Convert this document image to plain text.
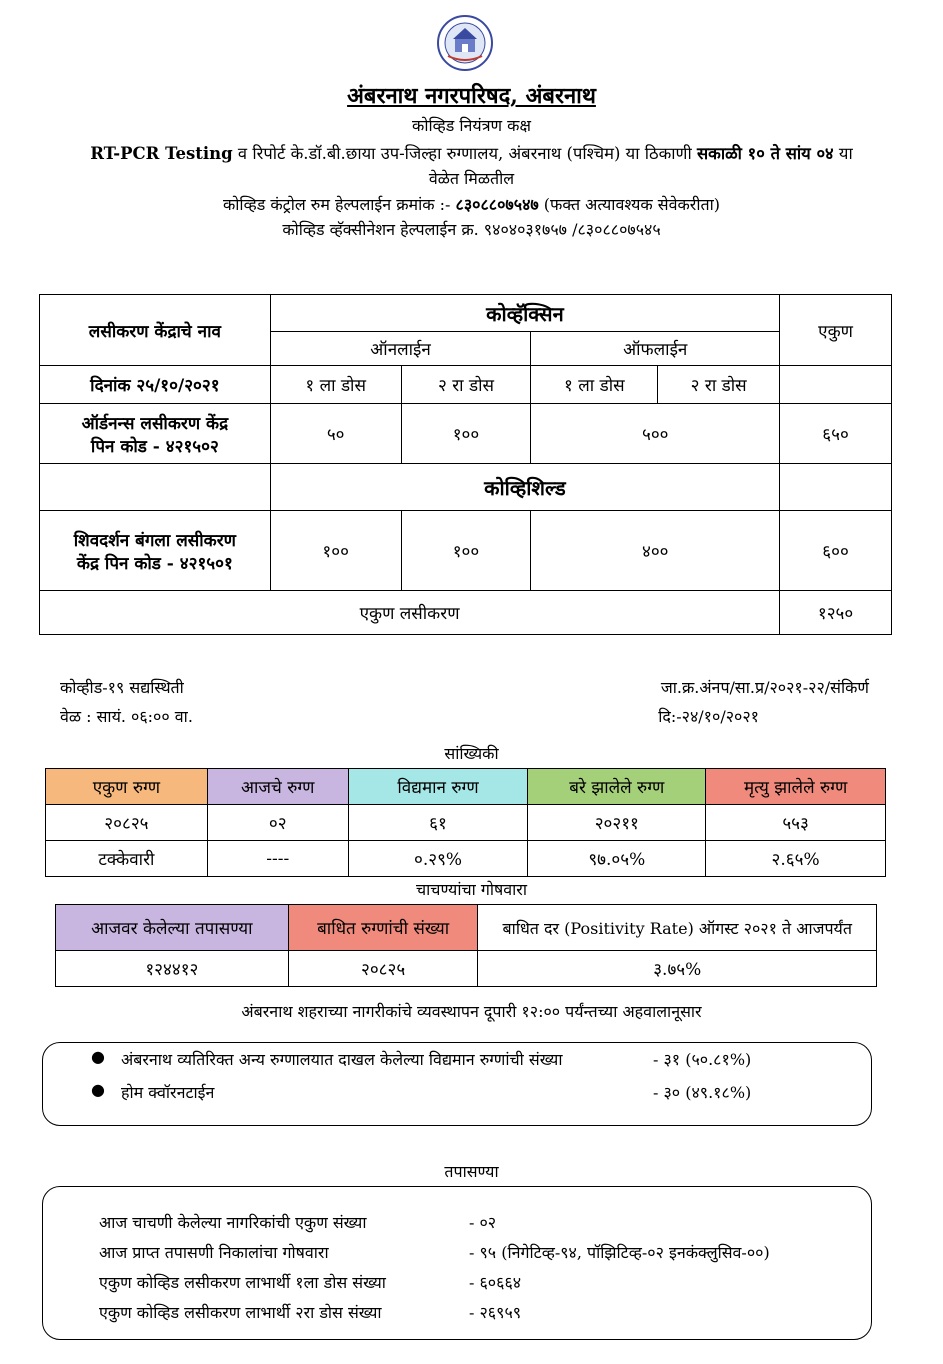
अंबरनाथ नगरपरिषद, अंबरनाथ
कोव्हिड नियंत्रण कक्ष
RT-PCR Testing व रिपोर्ट के.डॉ.बी.छाया उप-जिल्हा रुग्णालय, अंबरनाथ (पश्चिम) या ठिकाणी सकाळी १० ते सांय ०४ या
वेळेत मिळतील
कोव्हिड कंट्रोल रुम हेल्पलाईन क्रमांक :- ८३०८८०७५४७ (फक्त अत्यावश्यक सेवेकरीता)
कोव्हिड व्हॅक्सीनेशन हेल्पलाईन क्र. ९४०४०३१७५७ /८३०८८०७५४५
लसीकरण केंद्राचे नाव	कोव्हॅक्सिन				एकुण
	ऑनलाईन		ऑफलाईन		
दिनांक २५/१०/२०२१	१ ला डोस	२ रा डोस	१ ला डोस	२ रा डोस	

ऑर्डनन्स लसीकरण केंद्र
पिन कोड - ४२१५०२	५०	१००	५००		६५०
	कोव्हिशिल्ड				

शिवदर्शन बंगला लसीकरण
केंद्र पिन कोड - ४२१५०१	१००	१००	४००		६००
एकुण लसीकरण					१२५०
कोव्हीड-१९ सद्यस्थिती
वेळ : सायं. ०६:०० वा.
जा.क्र.अंनप/सा.प्र/२०२१-२२/संकिर्ण
दि:-२४/१०/२०२१
सांख्यिकी
एकुण रुग्ण	आजचे रुग्ण	विद्यमान रुग्ण	बरे झालेले रुग्ण	मृत्यु झालेले रुग्ण
२०८२५	०२	६१	२०२११	५५३
टक्केवारी	----	०.२९%	९७.०५%	२.६५%
चाचण्यांचा गोषवारा
आजवर केलेल्या तपासण्या	बाधित रुग्णांची संख्या	बाधित दर (Positivity Rate) ऑगस्ट २०२१ ते आजपर्यंत
१२४४१२	२०८२५	३.७५%
अंबरनाथ शहराच्या नागरीकांचे व्यवस्थापन दूपारी १२:०० पर्यंन्तच्या अहवालानूसार
● अंबरनाथ व्यतिरिक्त अन्य रुग्णालयात दाखल केलेल्या विद्यमान रुग्णांची संख्या	- ३१ (५०.८१%)
● होम क्वॉरनटाईन	- ३० (४९.१८%)
तपासण्या
आज चाचणी केलेल्या नागरिकांची एकुण संख्या	- ०२
आज प्राप्त तपासणी निकालांचा गोषवारा	- ९५ (निगेटिव्ह-९४, पॉझिटिव्ह-०२ इनकंक्लुसिव-००)
एकुण कोव्हिड लसीकरण लाभार्थी १ला डोस संख्या	- ६०६६४
एकुण कोव्हिड लसीकरण लाभार्थी २रा डोस संख्या	- २६९५९
